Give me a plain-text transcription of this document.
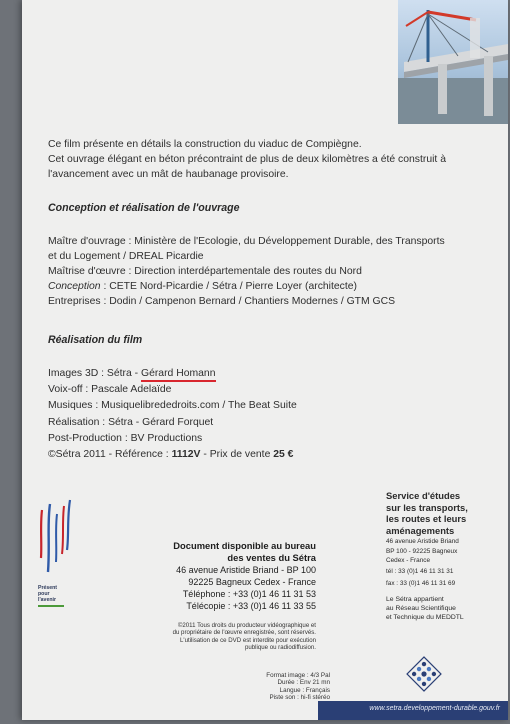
Ce film présente en détails la construction du viaduc de Compiègne.
Cet ouvrage élégant en béton précontraint de plus de deux kilomètres a été construit à
l'avancement avec un mât de haubanage provisoire.
Conception et réalisation de l'ouvrage
Maître d'ouvrage : Ministère de l'Ecologie, du Développement Durable, des Transports
et du Logement / DREAL Picardie
Maîtrise d'œuvre : Direction interdépartementale des routes du Nord
Conception : CETE Nord-Picardie / Sétra / Pierre Loyer (architecte)
Entreprises : Dodin / Campenon Bernard / Chantiers Modernes / GTM GCS
Réalisation du film
Images 3D : Sétra - Gérard Homann
Voix-off : Pascale Adelaïde
Musiques : Musiquelibrededroits.com / The Beat Suite
Réalisation : Sétra - Gérard Forquet
Post-Production : BV Productions
©Sétra 2011 - Référence : 1112V - Prix de vente 25 €
Présent
pour
l'avenir
Document disponible au bureau
des ventes du Sétra
46 avenue Aristide Briand - BP 100
92225 Bagneux Cedex - France
Téléphone : +33 (0)1 46 11 31 53
Télécopie : +33 (0)1 46 11 33 55
©2011 Tous droits du producteur vidéographique et
du propriétaire de l'œuvre enregistrée, sont réservés.
L'utilisation de ce DVD est interdite pour exécution
publique ou radiodiffusion.
Format image : 4/3 Pal
Durée : Env 21 mn
Langue : Français
Piste son : hi-fi stéréo
Service d'études
sur les transports,
les routes et leurs
aménagements
46 avenue Aristide Briand
BP 100 - 92225 Bagneux
Cedex - France
tél : 33 (0)1 46 11 31 31
fax : 33 (0)1 46 11 31 69
Le Sétra appartient
au Réseau Scientifique
et Technique du MEDDTL
www.setra.developpement-durable.gouv.fr
